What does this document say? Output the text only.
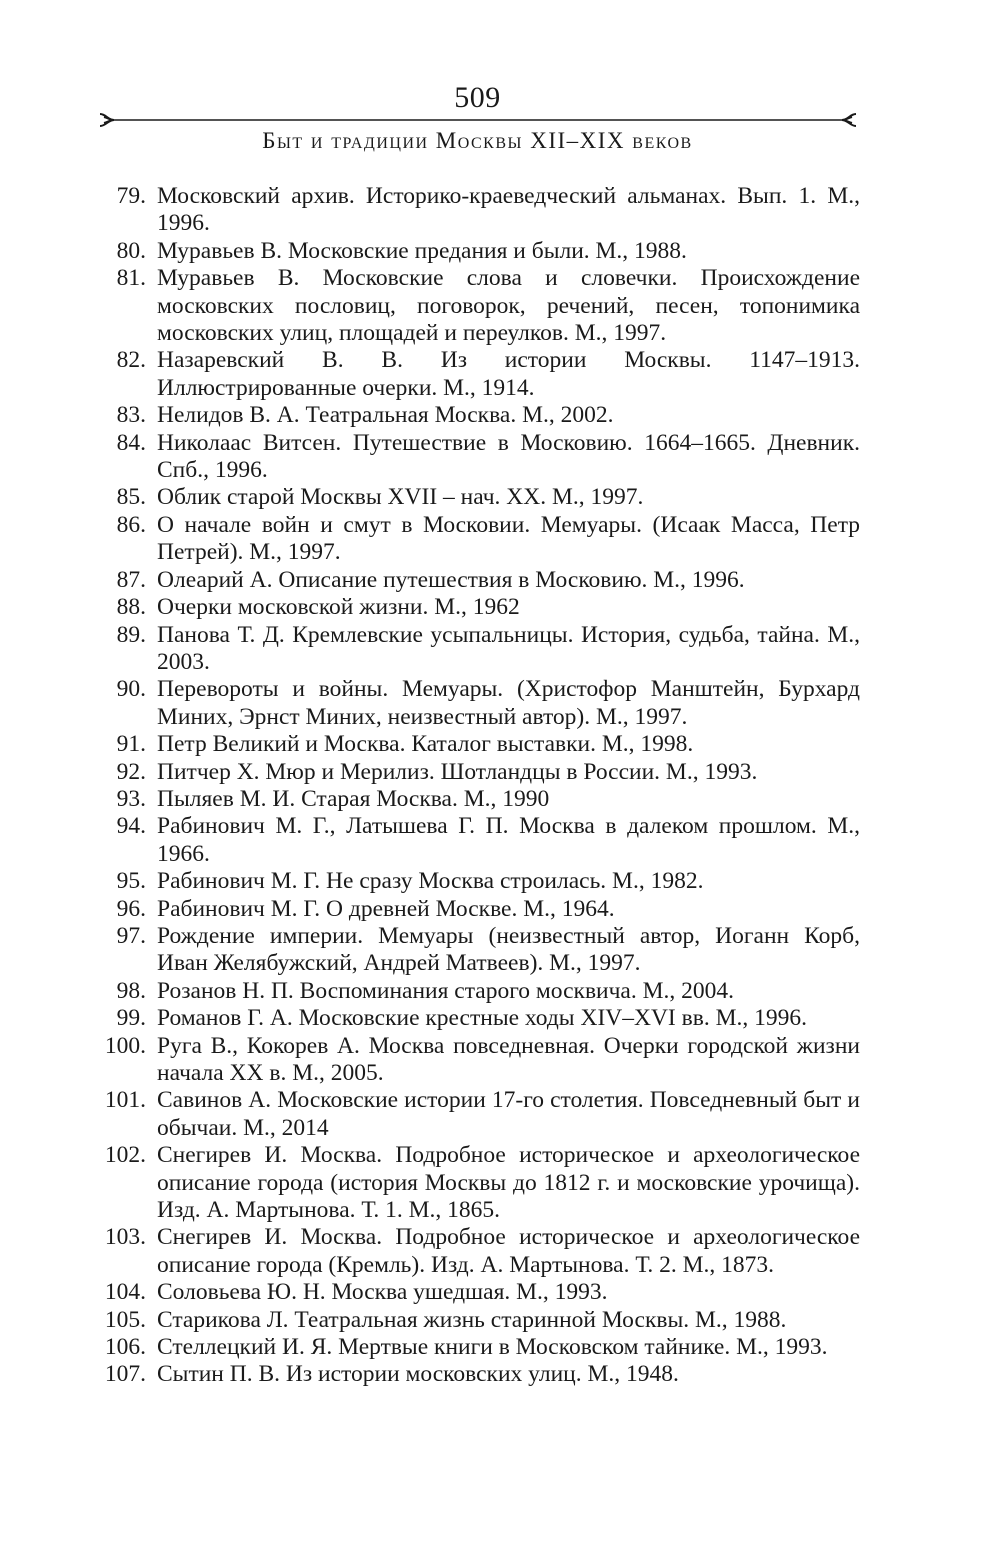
509
Быт и традиции Москвы XII–XIX веков
79. Московский архив. Историко-краеведческий альманах. Вып. 1. М., 1996.
80. Муравьев В. Московские предания и были. М., 1988.
81. Муравьев В. Московские слова и словечки. Происхождение московских пословиц, поговорок, речений, песен, топонимика московских улиц, площадей и переулков. М., 1997.
82. Назаревский В. В. Из истории Москвы. 1147–1913. Иллюстрированные очерки. М., 1914.
83. Нелидов В. А. Театральная Москва. М., 2002.
84. Николаас Витсен. Путешествие в Московию. 1664–1665. Дневник. Спб., 1996.
85. Облик старой Москвы XVII – нач. XX. М., 1997.
86. О начале войн и смут в Московии. Мемуары. (Исаак Масса, Петр Петрей). М., 1997.
87. Олеарий А. Описание путешествия в Московию. М., 1996.
88. Очерки московской жизни. М., 1962
89. Панова Т. Д. Кремлевские усыпальницы. История, судьба, тайна. М., 2003.
90. Перевороты и войны. Мемуары. (Христофор Манштейн, Бурхард Миних, Эрнст Миних, неизвестный автор). М., 1997.
91. Петр Великий и Москва. Каталог выставки. М., 1998.
92. Питчер Х. Мюр и Мерилиз. Шотландцы в России. М., 1993.
93. Пыляев М. И. Старая Москва. М., 1990
94. Рабинович М. Г., Латышева Г. П. Москва в далеком прошлом. М., 1966.
95. Рабинович М. Г. Не сразу Москва строилась. М., 1982.
96. Рабинович М. Г. О древней Москве. М., 1964.
97. Рождение империи. Мемуары (неизвестный автор, Иоганн Корб, Иван Желябужский, Андрей Матвеев). М., 1997.
98. Розанов Н. П. Воспоминания старого москвича. М., 2004.
99. Романов Г. А. Московские крестные ходы XIV–XVI вв. М., 1996.
100. Руга В., Кокорев А. Москва повседневная. Очерки городской жизни начала XX в. М., 2005.
101. Савинов А. Московские истории 17-го столетия. Повседневный быт и обычаи. М., 2014
102. Снегирев И. Москва. Подробное историческое и археологическое описание города (история Москвы до 1812 г. и московские урочища). Изд. А. Мартынова. Т. 1. М., 1865.
103. Снегирев И. Москва. Подробное историческое и археологическое описание города (Кремль). Изд. А. Мартынова. Т. 2. М., 1873.
104. Соловьева Ю. Н. Москва ушедшая. М., 1993.
105. Старикова Л. Театральная жизнь старинной Москвы. М., 1988.
106. Стеллецкий И. Я. Мертвые книги в Московском тайнике. М., 1993.
107. Сытин П. В. Из истории московских улиц. М., 1948.
